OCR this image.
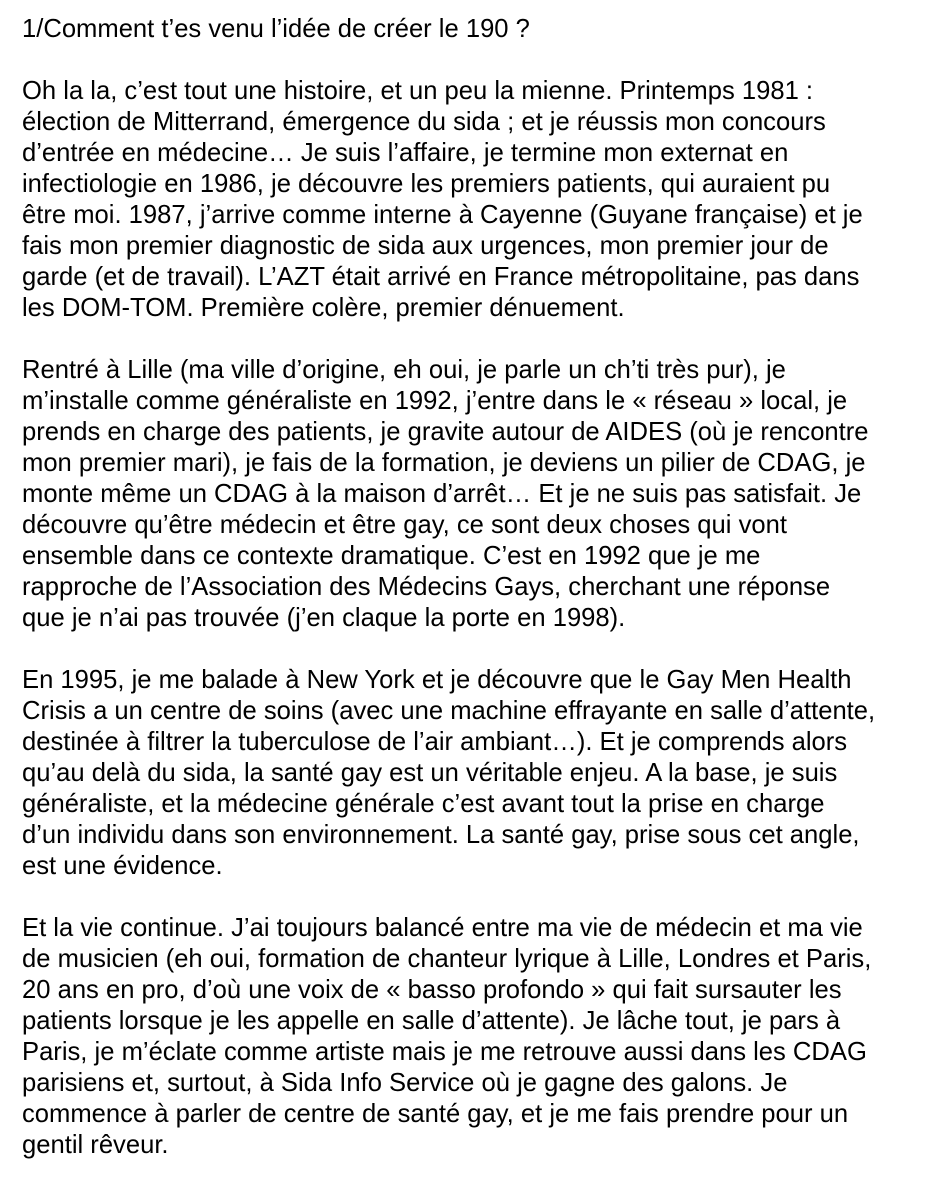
1/Comment t’es venu l’idée de créer le 190 ?
Oh la la, c’est tout une histoire, et un peu la mienne. Printemps 1981 :
élection de Mitterrand, émergence du sida ; et je réussis mon concours
d’entrée en médecine… Je suis l’affaire, je termine mon externat en
infectiologie en 1986, je découvre les premiers patients, qui auraient pu
être moi. 1987, j’arrive comme interne à Cayenne (Guyane française) et je
fais mon premier diagnostic de sida aux urgences, mon premier jour de
garde (et de travail). L’AZT était arrivé en France métropolitaine, pas dans
les DOM-TOM. Première colère, premier dénuement.
Rentré à Lille (ma ville d’origine, eh oui, je parle un ch’ti très pur), je
m’installe comme généraliste en 1992, j’entre dans le « réseau » local, je
prends en charge des patients, je gravite autour de AIDES (où je rencontre
mon premier mari), je fais de la formation, je deviens un pilier de CDAG, je
monte même un CDAG à la maison d’arrêt… Et je ne suis pas satisfait. Je
découvre qu’être médecin et être gay, ce sont deux choses qui vont
ensemble dans ce contexte dramatique. C’est en 1992 que je me
rapproche de l’Association des Médecins Gays, cherchant une réponse
que je n’ai pas trouvée (j’en claque la porte en 1998).
En 1995, je me balade à New York et je découvre que le Gay Men Health
Crisis a un centre de soins (avec une machine effrayante en salle d’attente,
destinée à filtrer la tuberculose de l’air ambiant…). Et je comprends alors
qu’au delà du sida, la santé gay est un véritable enjeu. A la base, je suis
généraliste, et la médecine générale c’est avant tout la prise en charge
d’un individu dans son environnement. La santé gay, prise sous cet angle,
est une évidence.
Et la vie continue. J’ai toujours balancé entre ma vie de médecin et ma vie
de musicien (eh oui, formation de chanteur lyrique à Lille, Londres et Paris,
20 ans en pro, d’où une voix de « basso profondo » qui fait sursauter les
patients lorsque je les appelle en salle d’attente). Je lâche tout, je pars à
Paris, je m’éclate comme artiste mais je me retrouve aussi dans les CDAG
parisiens et, surtout, à Sida Info Service où je gagne des galons. Je
commence à parler de centre de santé gay, et je me fais prendre pour un
gentil rêveur.
